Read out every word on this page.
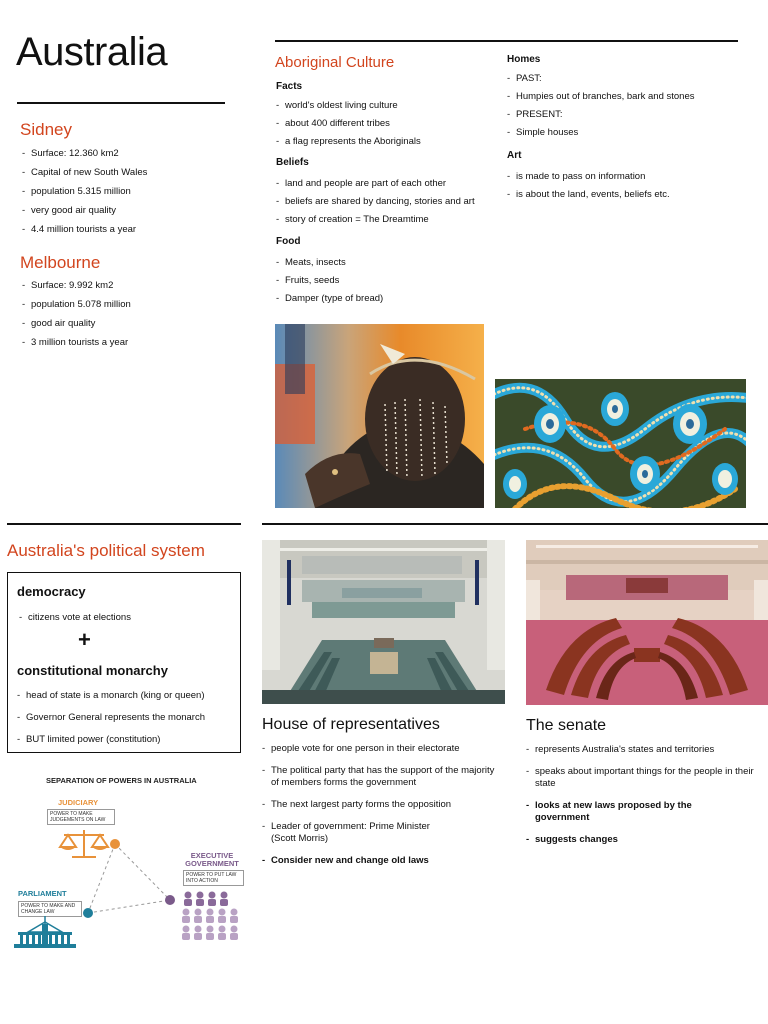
Australia
Sidney
- Surface: 12.360 km2
- Capital of new South Wales
- population 5.315 million
- very good air quality
- 4.4 million tourists a year
Melbourne
- Surface: 9.992 km2
- population 5.078 million
- good air quality
- 3 million tourists a year
Aboriginal Culture
Facts
- world's oldest living culture
- about 400 different tribes
- a flag represents the Aboriginals
Beliefs
- land and people are part of each other
- beliefs are shared by dancing, stories and art
- story of creation = The Dreamtime
Food
- Meats, insects
- Fruits, seeds
- Damper (type of bread)
Homes
- PAST:
- Humpies out of branches, bark and stones
- PRESENT:
- Simple houses
Art
- is made to pass on information
- is about the land, events, beliefs etc.
Australia's political system
democracy
- citizens vote at elections
+
constitutional monarchy
- head of state is a monarch (king or queen)
- Governor General represents the monarch
- BUT limited power (constitution)
SEPARATION OF POWERS IN AUSTRALIA
JUDICIARY
POWER TO MAKE JUDGEMENTS ON LAW
EXECUTIVE GOVERNMENT
POWER TO PUT LAW INTO ACTION
PARLIAMENT
POWER TO MAKE AND CHANGE LAW
House of representatives
- people vote for one person in their electorate
- The political party that has the support of the majority of members forms the government
- The next largest party forms the opposition
- Leader of government: Prime Minister (Scott Morris)
- Consider new and change old laws
The senate
- represents Australia's states and territories
- speaks about important things for the people in their state
- looks at new laws proposed by the government
- suggests changes
